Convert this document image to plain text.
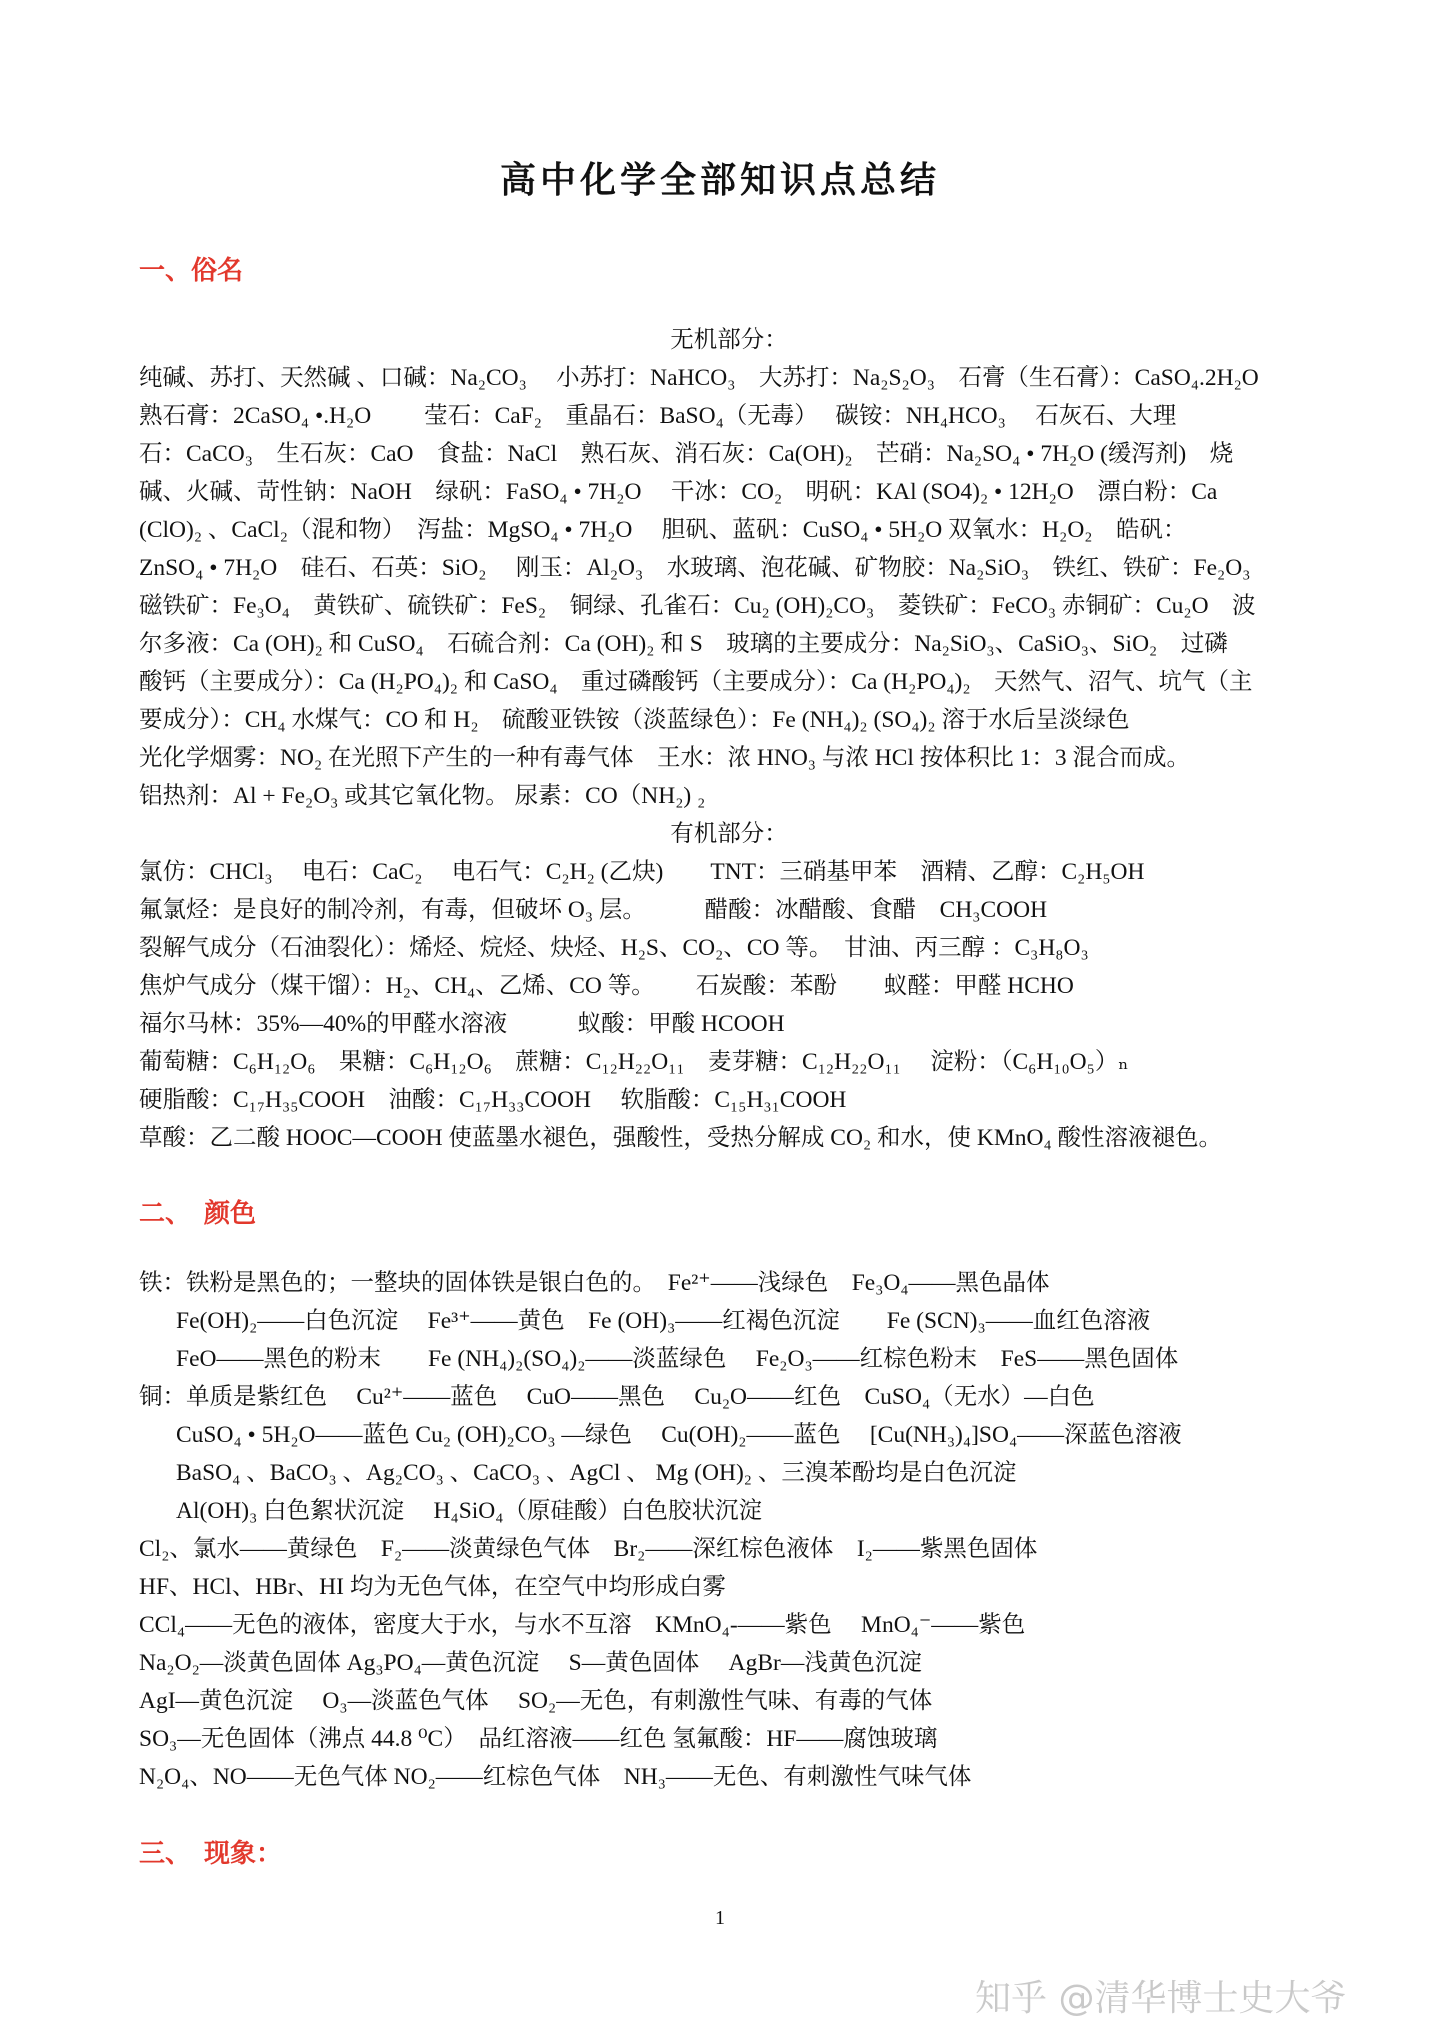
高中化学全部知识点总结
一、俗名
无机部分：
纯碱、苏打、天然碱 、口碱：Na₂CO₃　 小苏打：NaHCO₃　大苏打：Na₂S₂O₃　石膏（生石膏）：CaSO₄.2H₂O
熟石膏：2CaSO₄ •.H₂O　　 莹石：CaF₂　重晶石：BaSO₄（无毒）　 碳铵：NH₄HCO₃　 石灰石、大理
石：CaCO₃　生石灰：CaO　食盐：NaCl　熟石灰、消石灰：Ca(OH)₂　芒硝：Na₂SO₄ • 7H₂O (缓泻剂)　烧
碱、火碱、苛性钠：NaOH　绿矾：FaSO₄ • 7H₂O　 干冰：CO₂　明矾：KAl (SO4)₂ • 12H₂O　漂白粉：Ca
(ClO)₂ 、CaCl₂（混和物）　泻盐：MgSO₄ • 7H₂O　 胆矾、蓝矾：CuSO₄ • 5H₂O 双氧水：H₂O₂　皓矾：
ZnSO₄ • 7H₂O　硅石、石英：SiO₂　 刚玉：Al₂O₃　水玻璃、泡花碱、矿物胶：Na₂SiO₃　铁红、铁矿：Fe₂O₃
磁铁矿：Fe₃O₄　黄铁矿、硫铁矿：FeS₂　铜绿、孔雀石：Cu₂ (OH)₂CO₃　菱铁矿：FeCO₃ 赤铜矿：Cu₂O　波
尔多液：Ca (OH)₂ 和 CuSO₄　石硫合剂：Ca (OH)₂ 和 S　玻璃的主要成分：Na₂SiO₃、CaSiO₃、SiO₂　过磷
酸钙（主要成分）：Ca (H₂PO₄)₂ 和 CaSO₄　重过磷酸钙（主要成分）：Ca (H₂PO₄)₂　天然气、沼气、坑气（主
要成分）：CH₄ 水煤气：CO 和 H₂　硫酸亚铁铵（淡蓝绿色）：Fe (NH₄)₂ (SO₄)₂ 溶于水后呈淡绿色
光化学烟雾：NO₂ 在光照下产生的一种有毒气体　王水：浓 HNO₃ 与浓 HCl 按体积比 1：3 混合而成。
铝热剂：Al + Fe₂O₃ 或其它氧化物。 尿素：CO（NH₂) ₂
有机部分：
氯仿：CHCl₃　 电石：CaC₂　 电石气：C₂H₂ (乙炔)　　TNT：三硝基甲苯　酒精、乙醇：C₂H₅OH
氟氯烃：是良好的制冷剂，有毒，但破坏 O₃ 层。　　　醋酸：冰醋酸、食醋　CH₃COOH
裂解气成分（石油裂化）：烯烃、烷烃、炔烃、H₂S、CO₂、CO 等。　甘油、丙三醇 ：C₃H₈O₃
焦炉气成分（煤干馏）：H₂、CH₄、乙烯、CO 等。　　 石炭酸：苯酚　　蚁醛：甲醛 HCHO
福尔马林：35%—40%的甲醛水溶液　　　蚁酸：甲酸 HCOOH
葡萄糖：C₆H₁₂O₆　果糖：C₆H₁₂O₆　蔗糖：C₁₂H₂₂O₁₁　麦芽糖：C₁₂H₂₂O₁₁　 淀粉：（C₆H₁₀O₅）ₙ
硬脂酸：C₁₇H₃₅COOH　油酸：C₁₇H₃₃COOH　 软脂酸：C₁₅H₃₁COOH
草酸：乙二酸 HOOC—COOH 使蓝墨水褪色，强酸性，受热分解成 CO₂ 和水，使 KMnO₄ 酸性溶液褪色。
二、　颜色
铁：铁粉是黑色的；一整块的固体铁是银白色的。　Fe²⁺——浅绿色　Fe₃O₄——黑色晶体
Fe(OH)₂——白色沉淀　 Fe³⁺——黄色　Fe (OH)₃——红褐色沉淀　　Fe (SCN)₃——血红色溶液
FeO——黑色的粉末　　Fe (NH₄)₂(SO₄)₂——淡蓝绿色　 Fe₂O₃——红棕色粉末　FeS——黑色固体
铜：单质是紫红色　 Cu²⁺——蓝色　 CuO——黑色　 Cu₂O——红色　CuSO₄（无水）—白色
CuSO₄ • 5H₂O——蓝色 Cu₂ (OH)₂CO₃ —绿色　 Cu(OH)₂——蓝色　 [Cu(NH₃)₄]SO₄——深蓝色溶液
BaSO₄ 、BaCO₃ 、Ag₂CO₃ 、CaCO₃ 、AgCl 、 Mg (OH)₂ 、三溴苯酚均是白色沉淀
Al(OH)₃ 白色絮状沉淀　 H₄SiO₄（原硅酸）白色胶状沉淀
Cl₂、氯水——黄绿色　F₂——淡黄绿色气体　Br₂——深红棕色液体　I₂——紫黑色固体
HF、HCl、HBr、HI 均为无色气体，在空气中均形成白雾
CCl₄——无色的液体，密度大于水，与水不互溶　KMnO₄-——紫色　 MnO₄⁻——紫色
Na₂O₂—淡黄色固体 Ag₃PO₄—黄色沉淀　 S—黄色固体　 AgBr—浅黄色沉淀
AgI—黄色沉淀　 O₃—淡蓝色气体　 SO₂—无色，有刺激性气味、有毒的气体
SO₃—无色固体（沸点 44.8 ⁰C）　品红溶液——红色 氢氟酸：HF——腐蚀玻璃
N₂O₄、NO——无色气体 NO₂——红棕色气体　NH₃——无色、有刺激性气味气体
三、　现象：
1
知乎 @清华博士史大爷
